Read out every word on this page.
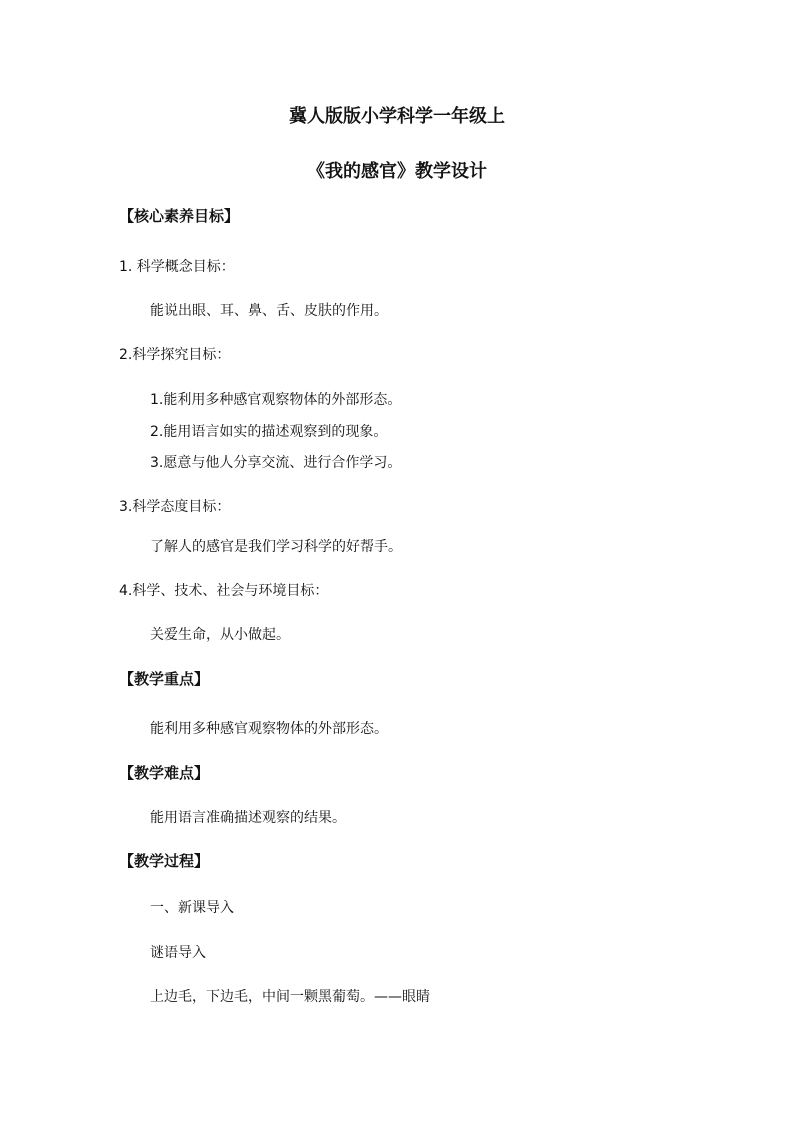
冀人版版小学科学一年级上
《我的感官》教学设计
【核心素养目标】
1. 科学概念目标：
能说出眼、耳、鼻、舌、皮肤的作用。
2.科学探究目标：
1.能利用多种感官观察物体的外部形态。
2.能用语言如实的描述观察到的现象。
3.愿意与他人分享交流、进行合作学习。
3.科学态度目标：
了解人的感官是我们学习科学的好帮手。
4.科学、技术、社会与环境目标：
关爱生命，从小做起。
【教学重点】
能利用多种感官观察物体的外部形态。
【教学难点】
能用语言准确描述观察的结果。
【教学过程】
一、新课导入
谜语导入
上边毛，下边毛，中间一颗黑葡萄。——眼睛
